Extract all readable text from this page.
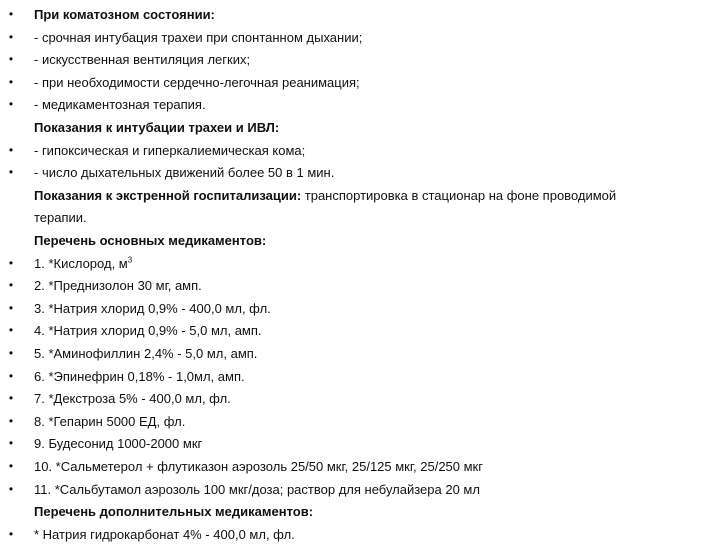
• При коматозном состоянии:
• - срочная интубация трахеи при спонтанном дыхании;
• - искусственная вентиляция легких;
• - при необходимости сердечно-легочная реанимация;
• - медикаментозная терапия.
Показания к интубации трахеи и ИВЛ:
• - гипоксическая и гиперкалиемическая кома;
• - число дыхательных движений более 50 в 1 мин.
Показания к экстренной госпитализации: транспортировка в стационар на фоне проводимой
терапии.
Перечень основных медикаментов:
• 1. *Кислород, $м^3$
• 2. *Преднизолон 30 мг, амп.
• 3. *Натрия хлорид 0,9% - 400,0 мл, фл.
• 4. *Натрия хлорид 0,9% - 5,0 мл, амп.
• 5. *Аминофиллин 2,4% - 5,0 мл, амп.
• 6. *Эпинефрин 0,18% - 1,0мл, амп.
• 7. *Декстроза 5% - 400,0 мл, фл.
• 8. *Гепарин 5000 ЕД, фл.
• 9. Будесонид 1000-2000 мкг
• 10. *Сальметерол + флутиказон аэрозоль 25/50 мкг, 25/125 мкг, 25/250 мкг
• 11. *Сальбутамол аэрозоль 100 мкг/доза; раствор для небулайзера 20 мл
Перечень дополнительных медикаментов:
• * Натрия гидрокарбонат 4% - 400,0 мл, фл.
